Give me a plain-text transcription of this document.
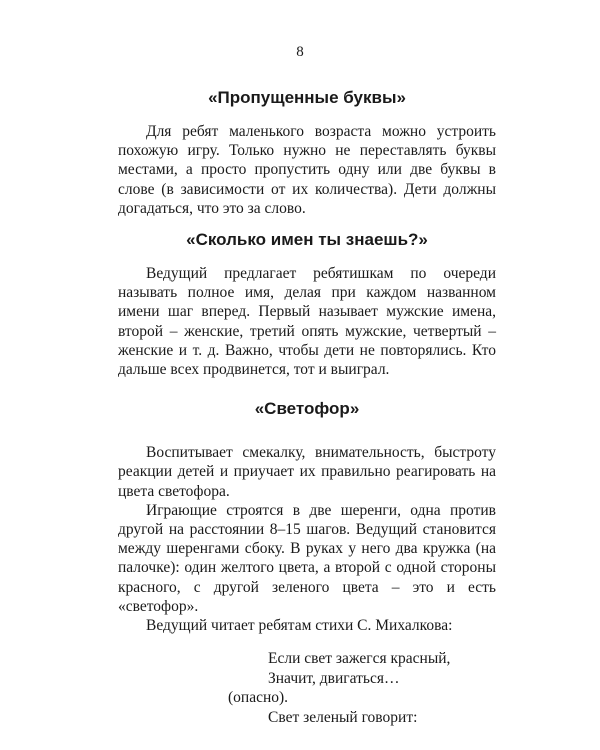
8
«Пропущенные буквы»

Для ребят маленького возраста можно устроить похожую игру. Только нужно не переставлять буквы местами, а просто пропустить одну или две буквы в слове (в зависимости от их количества). Дети должны догадаться, что это за слово.

«Сколько имен ты знаешь?»

Ведущий предлагает ребятишкам по очереди называть полное имя, делая при каждом названном имени шаг вперед. Первый называет мужские имена, второй – женские, третий опять мужские, четвертый – женские и т. д. Важно, чтобы дети не повторялись. Кто дальше всех продвинется, тот и выиграл.

«Светофор»

Воспитывает смекалку, внимательность, быстроту реакции детей и приучает их правильно реагировать на цвета светофора.

Играющие строятся в две шеренги, одна против другой на расстоянии 8–15 шагов. Ведущий становится между шеренгами сбоку. В руках у него два кружка (на палочке): один желтого цвета, а второй с одной стороны красного, с другой зеленого цвета – это и есть «светофор».

Ведущий читает ребятам стихи С. Михалкова:

Если свет зажегся красный,
Значит, двигаться…
(опасно).
Свет зеленый говорит:
